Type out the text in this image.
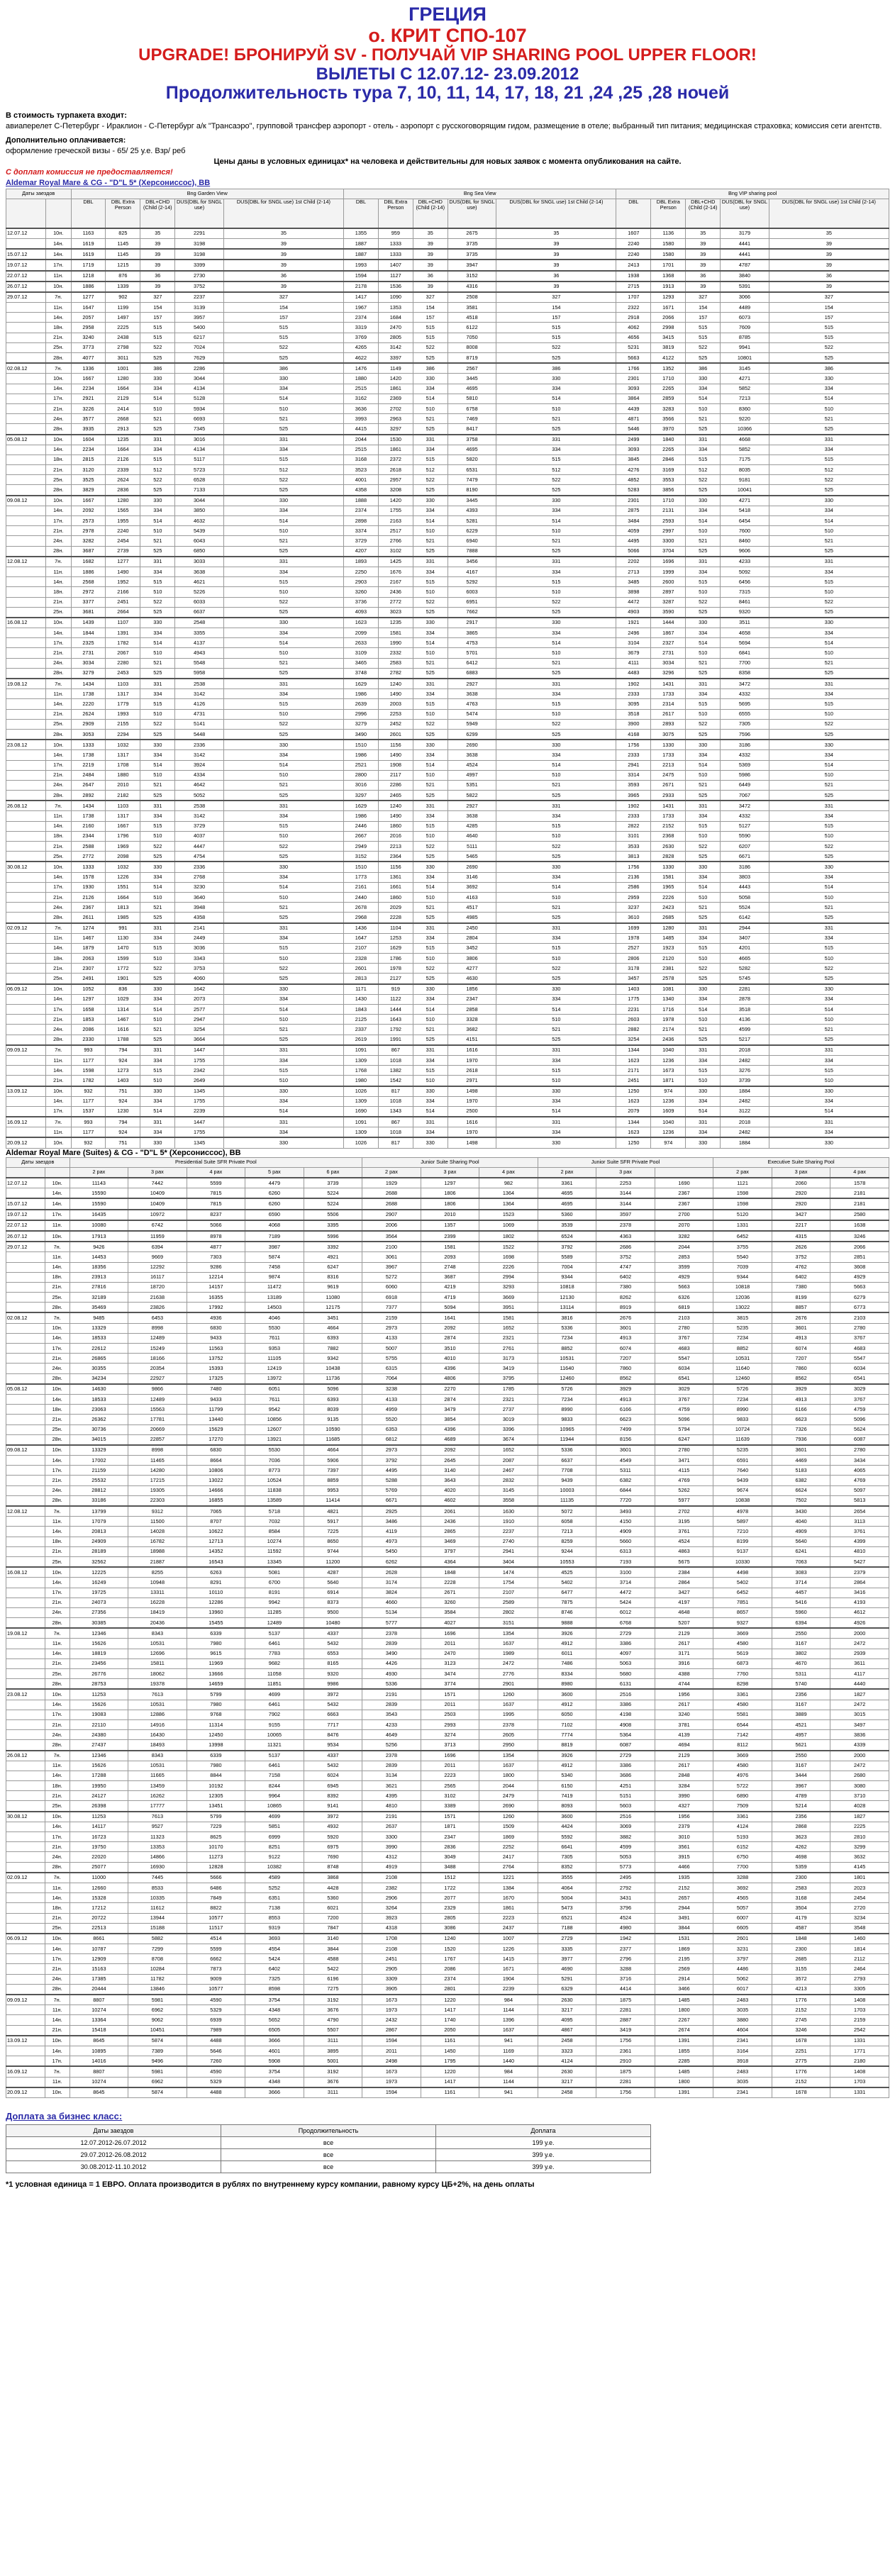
ГРЕЦИЯ
о. КРИТ СПО-107
UPGRADE! БРОНИРУЙ SV - ПОЛУЧАЙ VIP SHARING POOL UPPER FLOOR!
ВЫЛЕТЫ С 12.07.12- 23.09.2012
Продолжительность тура 7, 10, 11, 14, 17, 18, 21 ,24 ,25 ,28 ночей
В стоимость турпакета входит:
авиаперелет С-Петербург - Ираклион - С-Петербург а/к "Трансаэро", групповой трансфер аэропорт - отель - аэропорт с русскоговорящим гидом, размещение в отеле; выбранный тип питания; медицинская страховка; комиссия сети агентств.
Дополнительно оплачивается:
оформление греческой визы - 65/ 25 у.е. Взр/ реб
Цены даны в условных единицах* на человека и действительны для новых заявок с момента опубликования на сайте.
С доплат комиссия не предоставляется!
Aldemar Royal Mare & CG - "D"L 5* (Херсониссос), BB
Даты заездов		Bng Garden View					Bng Sea View					Bng VIP sharing pool				
		DBL	DBL Extra Person	DBL+CHD (Child (2-14)	DUS(DBL for SNGL use)	DUS(DBL for SNGL use) 1st Child (2-14)	DBL	DBL Extra Person	DBL+CHD (Child (2-14)	DUS(DBL for SNGL use)	DUS(DBL for SNGL use) 1st Child (2-14)	DBL	DBL Extra Person	DBL+CHD (Child (2-14)	DUS(DBL for SNGL use)	DUS(DBL for SNGL use) 1st Child (2-14)
12.07.12	10н.	1163	825	35	2291	35	1355	959	35	2675	35	1607	1136	35	3179	35
	14н.	1619	1145	39	3198	39	1887	1333	39	3735	39	2240	1580	39	4441	39
15.07.12	14н.	1619	1145	39	3198	39	1887	1333	39	3735	39	2240	1580	39	4441	39
19.07.12	17н.	1719	1215	39	3399	39	1993	1407	39	3947	39	2413	1701	39	4787	39
22.07.12	11н.	1218	876	36	2730	36	1594	1127	36	3152	36	1938	1368	36	3840	36
26.07.12	10н.	1886	1339	39	3752	39	2178	1536	39	4316	39	2715	1913	39	5391	39
29.07.12	7н.	1277	902	327	2237	327	1417	1090	327	2508	327	1707	1293	327	3066	327
	11н.	1647	1199	154	3139	154	1967	1353	154	3581	154	2322	1671	154	4489	154
	14н.	2057	1497	157	3957	157	2374	1684	157	4518	157	2918	2066	157	6073	157
	18н.	2958	2225	515	5400	515	3319	2470	515	6122	515	4062	2998	515	7609	515
	21н.	3240	2438	515	6217	515	3769	2805	515	7050	515	4656	3415	515	8785	515
	25н.	3773	2798	522	7024	522	4265	3142	522	8008	522	5231	3819	522	9941	522
	28н.	4077	3011	525	7629	525	4622	3397	525	8719	525	5663	4122	525	10801	525
02.08.12	7н.	1336	1001	386	2286	386	1476	1149	386	2567	386	1766	1352	386	3145	386
	10н.	1667	1280	330	3044	330	1880	1420	330	3445	330	2301	1710	330	4271	330
	14н.	2234	1664	334	4134	334	2515	1861	334	4695	334	3093	2265	334	5852	334
	17н.	2921	2129	514	5128	514	3162	2369	514	5810	514	3864	2859	514	7213	514
	21н.	3226	2414	510	5934	510	3636	2702	510	6758	510	4439	3283	510	8360	510
	24н.	3577	2668	521	6693	521	3993	2963	521	7469	521	4871	3566	521	9220	521
	28н.	3935	2913	525	7345	525	4415	3297	525	8417	525	5446	3970	525	10366	525
05.08.12	10н.	1604	1235	331	3016	331	2044	1530	331	3758	331	2499	1840	331	4668	331
	14н.	2234	1664	334	4134	334	2515	1861	334	4695	334	3093	2265	334	5852	334
	18н.	2815	2126	515	5117	515	3168	2372	515	5820	515	3845	2846	515	7175	515
	21н.	3120	2339	512	5723	512	3523	2618	512	6531	512	4276	3169	512	8035	512
	25н.	3525	2624	522	6528	522	4001	2957	522	7479	522	4852	3553	522	9181	522
	28н.	3829	2836	525	7133	525	4358	3208	525	8190	525	5283	3856	525	10041	525
09.08.12	10н.	1667	1280	330	3044	330	1888	1420	330	3445	330	2301	1710	330	4271	330
	14н.	2092	1565	334	3850	334	2374	1755	334	4393	334	2875	2131	334	5418	334
	17н.	2573	1955	514	4632	514	2898	2163	514	5281	514	3484	2593	514	6454	514
	21н.	2978	2240	510	5439	510	3374	2517	510	6229	510	4059	2997	510	7600	510
	24н.	3282	2454	521	6043	521	3729	2766	521	6940	521	4495	3300	521	8460	521
	28н.	3687	2739	525	6850	525	4207	3102	525	7888	525	5066	3704	525	9606	525
12.08.12	7н.	1682	1277	331	3033	331	1893	1425	331	3456	331	2202	1696	331	4233	331
	11н.	1886	1490	334	3638	334	2250	1676	334	4167	334	2713	1999	334	5092	334
	14н.	2568	1952	515	4621	515	2903	2167	515	5292	515	3485	2600	515	6456	515
	18н.	2972	2166	510	5226	510	3260	2436	510	6003	510	3898	2897	510	7315	510
	21н.	3377	2451	522	6033	522	3736	2772	522	6951	522	4472	3287	522	8461	522
	25н.	3681	2664	525	6637	525	4093	3023	525	7662	525	4903	3590	525	9320	525
16.08.12	10н.	1439	1107	330	2548	330	1623	1235	330	2917	330	1921	1444	330	3511	330
	14н.	1844	1391	334	3355	334	2099	1581	334	3865	334	2496	1867	334	4658	334
	17н.	2325	1782	514	4137	514	2633	1990	514	4753	514	3104	2327	514	5694	514
	21н.	2731	2067	510	4943	510	3109	2332	510	5701	510	3679	2731	510	6841	510
	24н.	3034	2280	521	5548	521	3465	2583	521	6412	521	4111	3034	521	7700	521
	28н.	3279	2453	525	5958	525	3748	2782	525	6883	525	4483	3296	525	8358	525
19.08.12	7н.	1434	1103	331	2538	331	1629	1240	331	2927	331	1902	1431	331	3472	331
	11н.	1738	1317	334	3142	334	1986	1490	334	3638	334	2333	1733	334	4332	334
	14н.	2220	1779	515	4126	515	2639	2003	515	4763	515	3095	2314	515	5695	515
	21н.	2624	1993	510	4731	510	2996	2253	510	5474	510	3518	2617	510	6555	510
	25н.	2909	2155	522	5141	522	3279	2452	522	5949	522	3900	2893	522	7305	522
	28н.	3053	2294	525	5448	525	3490	2601	525	6299	525	4168	3075	525	7596	525
23.08.12	10н.	1333	1032	330	2336	330	1510	1156	330	2690	330	1756	1330	330	3186	330
	14н.	1738	1317	334	3142	334	1986	1490	334	3638	334	2333	1733	334	4332	334
	17н.	2219	1708	514	3924	514	2521	1908	514	4524	514	2941	2213	514	5369	514
	21н.	2484	1880	510	4334	510	2800	2117	510	4997	510	3314	2475	510	5986	510
	24н.	2647	2010	521	4642	521	3016	2286	521	5351	521	3593	2671	521	6449	521
	28н.	2892	2182	525	5052	525	3297	2465	525	5822	525	3965	2933	525	7067	525
26.08.12	7н.	1434	1103	331	2538	331	1629	1240	331	2927	331	1902	1431	331	3472	331
	11н.	1738	1317	334	3142	334	1986	1490	334	3638	334	2333	1733	334	4332	334
	14н.	2160	1667	515	3729	515	2446	1860	515	4285	515	2822	2152	515	5127	515
	18н.	2344	1796	510	4037	510	2667	2016	510	4640	510	3101	2368	510	5590	510
	21н.	2588	1969	522	4447	522	2949	2213	522	5111	522	3533	2630	522	6207	522
	25н.	2772	2098	525	4754	525	3152	2364	525	5465	525	3813	2828	525	6671	525
30.08.12	10н.	1333	1032	330	2336	330	1510	1156	330	2690	330	1756	1330	330	3186	330
	14н.	1578	1226	334	2768	334	1773	1361	334	3146	334	2136	1581	334	3803	334
	17н.	1930	1551	514	3230	514	2161	1661	514	3692	514	2586	1965	514	4443	514
	21н.	2126	1664	510	3640	510	2440	1860	510	4163	510	2959	2226	510	5058	510
	24н.	2367	1813	521	3948	521	2678	2029	521	4517	521	3237	2423	521	5524	521
	28н.	2611	1985	525	4358	525	2968	2228	525	4985	525	3610	2685	525	6142	525
02.09.12	7н.	1274	991	331	2141	331	1436	1104	331	2450	331	1699	1280	331	2944	331
	11н.	1467	1130	334	2449	334	1647	1253	334	2804	334	1978	1485	334	3407	334
	14н.	1879	1470	515	3036	515	2107	1629	515	3452	515	2527	1923	515	4201	515
	18н.	2063	1599	510	3343	510	2328	1786	510	3806	510	2806	2120	510	4665	510
	21н.	2307	1772	522	3753	522	2601	1978	522	4277	522	3178	2381	522	5282	522
	25н.	2491	1901	525	4060	525	2813	2127	525	4630	525	3457	2578	525	5745	525
06.09.12	10н.	1052	836	330	1642	330	1171	919	330	1856	330	1403	1081	330	2281	330
	14н.	1297	1029	334	2073	334	1430	1122	334	2347	334	1775	1340	334	2878	334
	17н.	1658	1314	514	2577	514	1843	1444	514	2858	514	2231	1716	514	3518	514
	21н.	1853	1467	510	2947	510	2125	1643	510	3328	510	2603	1978	510	4136	510
	24н.	2086	1616	521	3254	521	2337	1792	521	3682	521	2882	2174	521	4599	521
	28н.	2330	1788	525	3664	525	2619	1991	525	4151	525	3254	2436	525	5217	525
09.09.12	7н.	993	794	331	1447	331	1091	867	331	1616	331	1344	1040	331	2018	331
	11н.	1177	924	334	1755	334	1309	1018	334	1970	334	1623	1236	334	2482	334
	14н.	1598	1273	515	2342	515	1768	1382	515	2618	515	2171	1673	515	3276	515
	21н.	1782	1403	510	2649	510	1980	1542	510	2971	510	2451	1871	510	3739	510
13.09.12	10н.	932	751	330	1345	330	1026	817	330	1498	330	1250	974	330	1884	330
	14н.	1177	924	334	1755	334	1309	1018	334	1970	334	1623	1236	334	2482	334
	17н.	1537	1230	514	2239	514	1690	1343	514	2500	514	2079	1609	514	3122	514
16.09.12	7н.	993	794	331	1447	331	1091	867	331	1616	331	1344	1040	331	2018	331
	11н.	1177	924	334	1755	334	1309	1018	334	1970	334	1623	1236	334	2482	334
20.09.12	10н.	932	751	330	1345	330	1026	817	330	1498	330	1250	974	330	1884	330
Aldemar Royal Mare (Suites) & CG - "D"L 5* (Херсониссос), BB
Даты заездов		Presidential Suite SFR Private Pool					Junior Suite Sharing Pool			Junior Suite SFR Private Pool			Executive Suite Sharing Pool		
		2 pax	3 pax	4 pax	5 pax	6 pax	2 pax	3 pax	4 pax	2 pax	3 pax		2 pax	3 pax	4 pax
12.07.12	10н.	11143	7442	5599	4479	3739	1929	1297	982	3361	2253	1690	1121	2060	1578
	14н.	15590	10409	7815	6260	5224	2688	1806	1364	4695	3144	2367	1598	2920	2181
15.07.12	14н.	15590	10409	7815	6260	5224	2688	1806	1364	4695	3144	2367	1598	2920	2181
19.07.12	17н.	16435	10972	8237	6590	5506	2907	2010	1523	5360	3597	2700	5120	3427	2580
22.07.12	11н.	10080	6742	5066	4068	3395	2006	1357	1069	3539	2378	2070	1331	2217	1638
26.07.12	10н.	17913	11959	8978	7189	5996	3564	2399	1802	6524	4363	3282	6452	4315	3246
29.07.12	7н.	9426	6394	4877	3987	3392	2100	1581	1522	3792	2686	2044	3755	2626	2066
	11н.	14453	9669	7303	5874	4921	3061	2093	1698	5589	3752	2853	5540	3752	2851
	14н.	18356	12292	9286	7458	6247	3967	2748	2226	7004	4747	3599	7039	4762	3608
	18н.	23913	16117	12214	9874	8316	5272	3687	2994	9344	6402	4929	9344	6402	4929
	21н.	27816	18720	14157	11472	9619	6060	4219	3293	10818	7380	5663	10818	7380	5663
	25н.	32189	21638	16355	13189	11080	6918	4719	3669	12130	8262	6326	12036	8199	6279
	28н.	35469	23826	17992	14503	12175	7377	5094	3951	13114	8919	6819	13022	8857	6773
02.08.12	7н.	9485	6453	4936	4046	3451	2159	1641	1581	3816	2676	2103	3815	2676	2103
	10н.	13329	8998	6830	5530	4664	2973	2092	1652	5336	3601	2780	5235	3601	2780
	14н.	18533	12489	9433	7611	6393	4133	2874	2321	7234	4913	3767	7234	4913	3767
	17н.	22612	15249	11563	9353	7882	5007	3510	2761	8852	6074	4683	8852	6074	4683
	21н.	26865	18166	13752	11105	9342	5755	4010	3173	10531	7207	5547	10531	7207	5547
	24н.	30355	20354	15393	12419	10438	6315	4396	3419	11640	7860	6034	11640	7860	6034
	28н.	34234	22927	17325	13972	11736	7064	4806	3795	12460	8562	6541	12460	8562	6541
05.08.12	10н.	14630	9866	7480	6051	5096	3238	2270	1785	5726	3929	3029	5726	3929	3029
	14н.	18533	12489	9433	7611	6393	4133	2874	2321	7234	4913	3767	7234	4913	3767
	18н.	23063	15563	11799	9542	8039	4959	3479	2737	8990	6166	4759	8990	6166	4759
	21н.	26362	17781	13440	10856	9135	5520	3854	3019	9833	6623	5096	9833	6623	5096
	25н.	30736	20669	15629	12607	10590	6353	4396	3396	10965	7499	5794	10724	7326	5624
	28н.	34015	22857	17270	13921	11685	6812	4689	3674	11944	8156	6247	11639	7936	6087
09.08.12	10н.	13329	8998	6830	5530	4664	2973	2092	1652	5336	3601	2780	5235	3601	2780
	14н.	17002	11465	8664	7036	5906	3792	2645	2087	6637	4549	3471	6591	4469	3434
	17н.	21159	14280	10806	8773	7397	4495	3140	2467	7708	5311	4115	7640	5183	4065
	21н.	25532	17215	13022	10524	8859	5288	3643	2832	9439	6382	4769	9439	6382	4769
	24н.	28812	19305	14666	11838	9953	5769	4020	3145	10003	6844	5262	9674	6624	5097
	28н.	33186	22303	16855	13589	11414	6671	4602	3558	11135	7720	5977	10838	7502	5813
12.08.12	7н.	13799	9312	7065	5718	4821	2925	2061	1630	5072	3493	2702	4978	3430	2654
	11н.	17079	11500	8707	7032	5917	3486	2436	1910	6058	4150	3195	5897	4040	3113
	14н.	20813	14028	10622	8584	7225	4119	2865	2237	7213	4909	3761	7210	4909	3761
	18н.	24909	16782	12713	10274	8650	4973	3469	2740	8259	5660	4524	8199	5640	4399
	21н.	28189	18988	14352	11592	9744	5450	3797	2941	9244	6313	4863	9137	6241	4810
	25н.	32562	21887	16543	13345	11200	6262	4364	3404	10553	7193	5675	10330	7063	5427
16.08.12	10н.	12225	8255	6263	5081	4287	2628	1848	1474	4525	3100	2384	4498	3083	2379
	14н.	16249	10948	8291	6700	5640	3174	2228	1754	5402	3714	2864	5402	3714	2864
	17н.	19725	13311	10110	8191	6914	3824	2671	2107	6477	4472	3427	6452	4457	3416
	21н.	24073	16228	12286	9942	8373	4660	3260	2589	7875	5424	4197	7851	5416	4193
	24н.	27356	18419	13960	11285	9500	5134	3584	2802	8746	6012	4648	8657	5960	4612
	28н.	30385	20436	15455	12489	10480	5777	4027	3151	9888	6768	5207	9327	6394	4926
19.08.12	7н.	12346	8343	6339	5137	4337	2378	1696	1354	3926	2729	2129	3669	2550	2000
	11н.	15626	10531	7980	6461	5432	2839	2011	1637	4912	3386	2617	4580	3167	2472
	14н.	18819	12696	9615	7783	6553	3490	2470	1989	6011	4097	3171	5619	3802	2939
	21н.	23456	15811	11969	9682	8165	4426	3123	2472	7486	5063	3916	6873	4670	3611
	25н.	26776	18062	13666	11058	9320	4930	3474	2776	8334	5680	4388	7760	5311	4117
	28н.	28753	19378	14659	11851	9986	5336	3774	2901	8980	6131	4744	8298	5740	4440
23.08.12	10н.	11253	7613	5799	4699	3972	2191	1571	1260	3600	2516	1956	3361	2356	1827
	14н.	15626	10531	7980	6461	5432	2839	2011	1637	4912	3386	2617	4580	3167	2472
	17н.	19083	12886	9768	7902	6663	3543	2503	1995	6050	4198	3240	5581	3889	3015
	21н.	22110	14916	11314	9155	7717	4233	2993	2378	7102	4908	3781	6544	4521	3497
	24н.	24380	16430	12450	10065	8476	4649	3274	2605	7774	5364	4139	7142	4957	3836
	28н.	27437	18493	13998	11321	9534	5256	3713	2950	8819	6087	4694	8112	5621	4339
26.08.12	7н.	12346	8343	6339	5137	4337	2378	1696	1354	3926	2729	2129	3669	2550	2000
	11н.	15626	10531	7980	6461	5432	2839	2011	1637	4912	3386	2617	4580	3167	2472
	14н.	17288	11665	8844	7158	6024	3134	2223	1800	5340	3686	2848	4976	3444	2680
	18н.	19950	13459	10192	8244	6945	3621	2565	2044	6150	4251	3284	5722	3967	3080
	21н.	24127	16262	12305	9964	8392	4395	3102	2479	7419	5151	3990	6890	4789	3710
	25н.	26398	17777	13451	10865	9141	4810	3389	2690	8093	5603	4327	7509	5214	4028
30.08.12	10н.	11253	7613	5799	4699	3972	2191	1571	1260	3600	2516	1956	3361	2356	1827
	14н.	14117	9527	7229	5851	4932	2637	1871	1509	4424	3069	2379	4124	2868	2225
	17н.	16723	11323	8625	6999	5920	3300	2347	1869	5592	3882	3010	5193	3623	2810
	21н.	19750	13353	10170	8251	6975	3990	2836	2252	6641	4599	3561	6152	4262	3299
	24н.	22020	14866	11273	9122	7690	4312	3049	2417	7305	5053	3915	6750	4698	3632
	28н.	25077	16930	12828	10382	8748	4919	3488	2764	8352	5773	4466	7700	5359	4145
02.09.12	7н.	11000	7445	5666	4589	3868	2108	1512	1221	3555	2495	1935	3288	2300	1801
	11н.	12660	8533	6486	5252	4428	2382	1722	1384	4064	2792	2152	3692	2583	2023
	14н.	15328	10335	7849	6351	5360	2906	2077	1670	5004	3431	2657	4565	3168	2454
	18н.	17212	11612	8822	7138	6021	3264	2329	1861	5473	3796	2944	5057	3504	2720
	21н.	20722	13944	10577	8553	7200	3923	2805	2223	6521	4524	3491	6007	4179	3234
	25н.	22513	15188	11517	9319	7847	4318	3086	2437	7188	4980	3844	6605	4587	3548
06.09.12	10н.	8661	5882	4514	3693	3140	1708	1240	1007	2729	1942	1531	2601	1848	1460
	14н.	10787	7299	5599	4554	3844	2108	1520	1226	3335	2377	1869	3231	2300	1814
	17н.	12909	8708	6662	5424	4588	2451	1767	1415	3977	2796	2195	3797	2685	2112
	21н.	15163	10284	7873	6402	5422	2905	2086	1671	4690	3288	2569	4486	3155	2464
	24н.	17385	11782	9009	7325	6196	3309	2374	1904	5291	3716	2914	5062	3572	2793
	28н.	20444	13846	10577	8598	7275	3905	2801	2239	6329	4414	3466	6017	4213	3305
09.09.12	7н.	8807	5981	4590	3754	3192	1673	1220	984	2630	1875	1485	2483	1776	1408
	11н.	10274	6962	5329	4348	3676	1973	1417	1144	3217	2281	1800	3035	2152	1703
	14н.	13364	9062	6939	5652	4790	2432	1740	1396	4095	2887	2267	3880	2745	2159
	21н.	15418	10451	7989	6505	5507	2867	2050	1637	4867	3419	2674	4604	3246	2542
13.09.12	10н.	8645	5874	4488	3666	3111	1594	1161	941	2458	1756	1391	2341	1678	1331
	14н.	10895	7389	5646	4601	3895	2011	1450	1169	3323	2361	1855	3164	2251	1771
	17н.	14016	9496	7260	5908	5001	2498	1795	1440	4124	2910	2285	3918	2775	2180
16.09.12	7н.	8807	5981	4590	3754	3192	1673	1220	984	2630	1875	1485	2483	1776	1408
	11н.	10274	6962	5329	4348	3676	1973	1417	1144	3217	2281	1800	3035	2152	1703
20.09.12	10н.	8645	5874	4488	3666	3111	1594	1161	941	2458	1756	1391	2341	1678	1331
Доплата за бизнес класс:
Даты заездов	Продолжительность	Доплата
12.07.2012-26.07.2012	все	199 у.е.
29.07.2012-26.08.2012	все	399 у.е.
30.08.2012-11.10.2012	все	399 у.е.
*1 условная единица = 1 ЕВРО. Оплата производится в рублях по внутреннему курсу компании, равному курсу ЦБ+2%, на день оплаты
